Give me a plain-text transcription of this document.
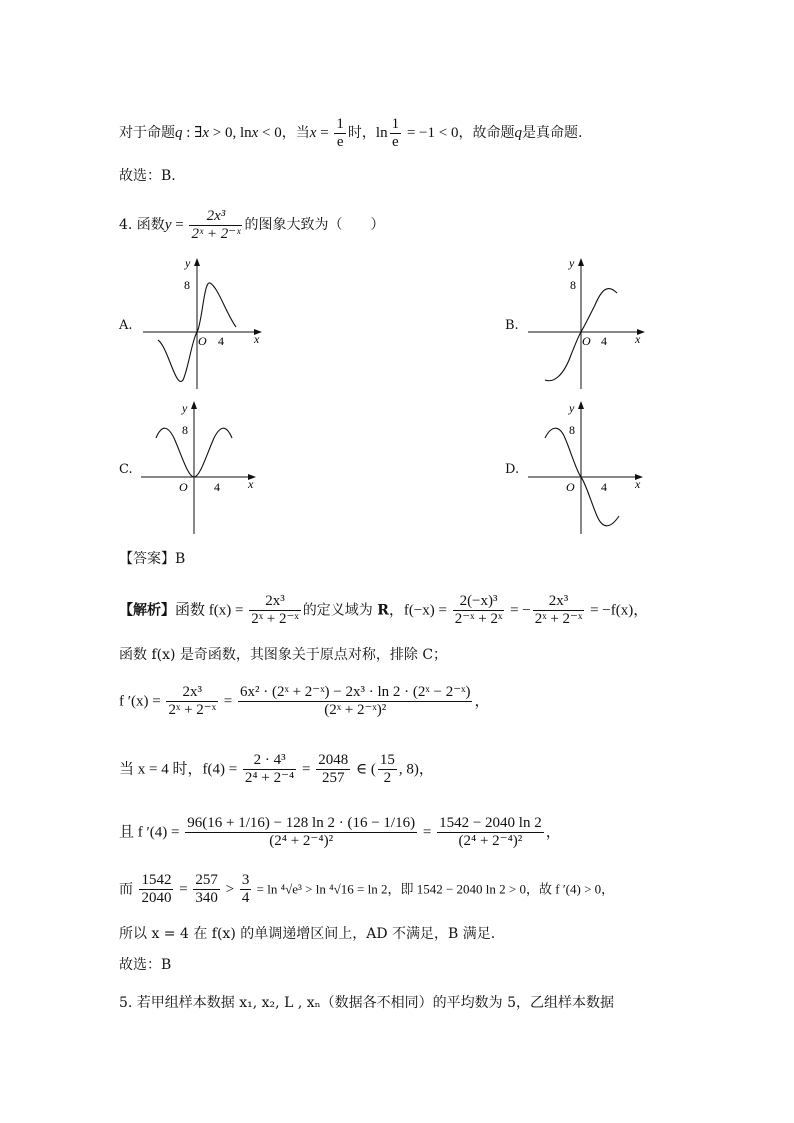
对于命题q : ∃x > 0, lnx < 0，当$x = \frac{1}{e}$ 时，$\ln \frac{1}{e} = -1 < 0$，故命题q是真命题.
故选：B.
4. 函数$y = \frac{\text{2x³}}{\text{2ˣ + 2⁻ˣ}}$ 的图象大致为（　　）
A.	B.
C.	D.
y
x
O
8
4
y
x
O
8
4
y
x
O
8
4
y
x
O
8
4
【答案】B
【解析】函数 $f(x) = \frac{\text{2x³}}{\text{2ˣ + 2⁻ˣ}}$ 的定义域为 R，$f(-x) = \frac{\text{2(−x)³}}{\text{2⁻ˣ + 2ˣ}}$ = − $\frac{\text{2x³}}{\text{2ˣ + 2⁻ˣ}} = -f(x)$，
函数 f(x) 是奇函数，其图象关于原点对称，排除 C；
f $'(x) = \frac{\text{2x³}}{\text{2ˣ + 2⁻ˣ}} = \frac{\text{6x² · (2ˣ + 2⁻ˣ) − 2x³ · ln 2 · (2ˣ − 2⁻ˣ)}}{\text{(2ˣ + 2⁻ˣ)²}}$ ，
当 x = 4 时，$f(4) = \frac{\text{2 · 4³}}{\text{2⁴ + 2⁻⁴}} = \frac{2048}{257}$ ∈ ( $\frac{15}{2}$ , 8)，
且 f $'(4) = \frac{96(16 + 1/16) - 128 \ln 2 \cdot (16 - 1/16)}{\text{(2⁴ + 2⁻⁴)²}} = \frac{1542 - 2040 \ln 2}{\text{(2⁴ + 2⁻⁴)²}}$ ，
而 $\frac{1542}{2040} = \frac{257}{340} > \frac{3}{4} = \ln ^4√e^3 > \ln ^4√16 = \ln 2$，即 1542 − 2040 ln 2 > 0，故 f ′(4) > 0，
所以 x = 4 在 f(x) 的单调递增区间上，AD 不满足，B 满足.
故选：B
5. 若甲组样本数据 x₁, x₂, L , xₙ（数据各不相同）的平均数为 5，乙组样本数据
